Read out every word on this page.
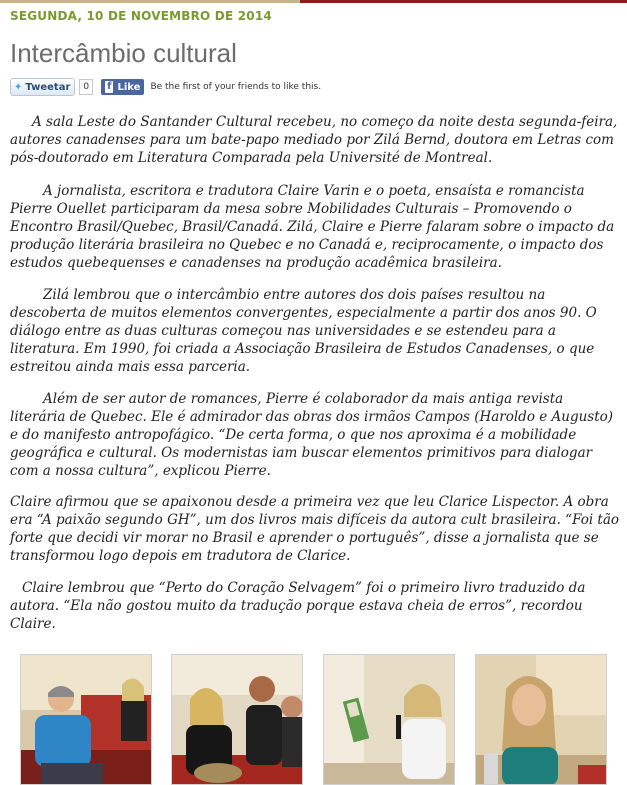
SEGUNDA, 10 DE NOVEMBRO DE 2014
Intercâmbio cultural
✦ Tweetar	0	f Like Be the first of your friends to like this.

A sala Leste do Santander Cultural recebeu, no começo da noite desta segunda-feira, autores canadenses para um bate-papo mediado por Zilá Bernd, doutora em Letras com pós-doutorado em Literatura Comparada pela Université de Montreal.

A jornalista, escritora e tradutora Claire Varin e o poeta, ensaísta e romancista Pierre Ouellet participaram da mesa sobre Mobilidades Culturais – Promovendo o Encontro Brasil/Quebec, Brasil/Canadá. Zilá, Claire e Pierre falaram sobre o impacto da produção literária brasileira no Quebec e no Canadá e, reciprocamente, o impacto dos estudos quebequenses e canadenses na produção acadêmica brasileira.

Zilá lembrou que o intercâmbio entre autores dos dois países resultou na descoberta de muitos elementos convergentes, especialmente a partir dos anos 90. O diálogo entre as duas culturas começou nas universidades e se estendeu para a literatura. Em 1990, foi criada a Associação Brasileira de Estudos Canadenses, o que estreitou ainda mais essa parceria.

Além de ser autor de romances, Pierre é colaborador da mais antiga revista literária de Quebec. Ele é admirador das obras dos irmãos Campos (Haroldo e Augusto) e do manifesto antropofágico. “De certa forma, o que nos aproxima é a mobilidade geográfica e cultural. Os modernistas iam buscar elementos primitivos para dialogar com a nossa cultura”, explicou Pierre.

Claire afirmou que se apaixonou desde a primeira vez que leu Clarice Lispector. A obra era “A paixão segundo GH”, um dos livros mais difíceis da autora cult brasileira. “Foi tão forte que decidi vir morar no Brasil e aprender o português”, disse a jornalista que se transformou logo depois em tradutora de Clarice.

Claire lembrou que “Perto do Coração Selvagem” foi o primeiro livro traduzido da autora. “Ela não gostou muito da tradução porque estava cheia de erros”, recordou Claire.
